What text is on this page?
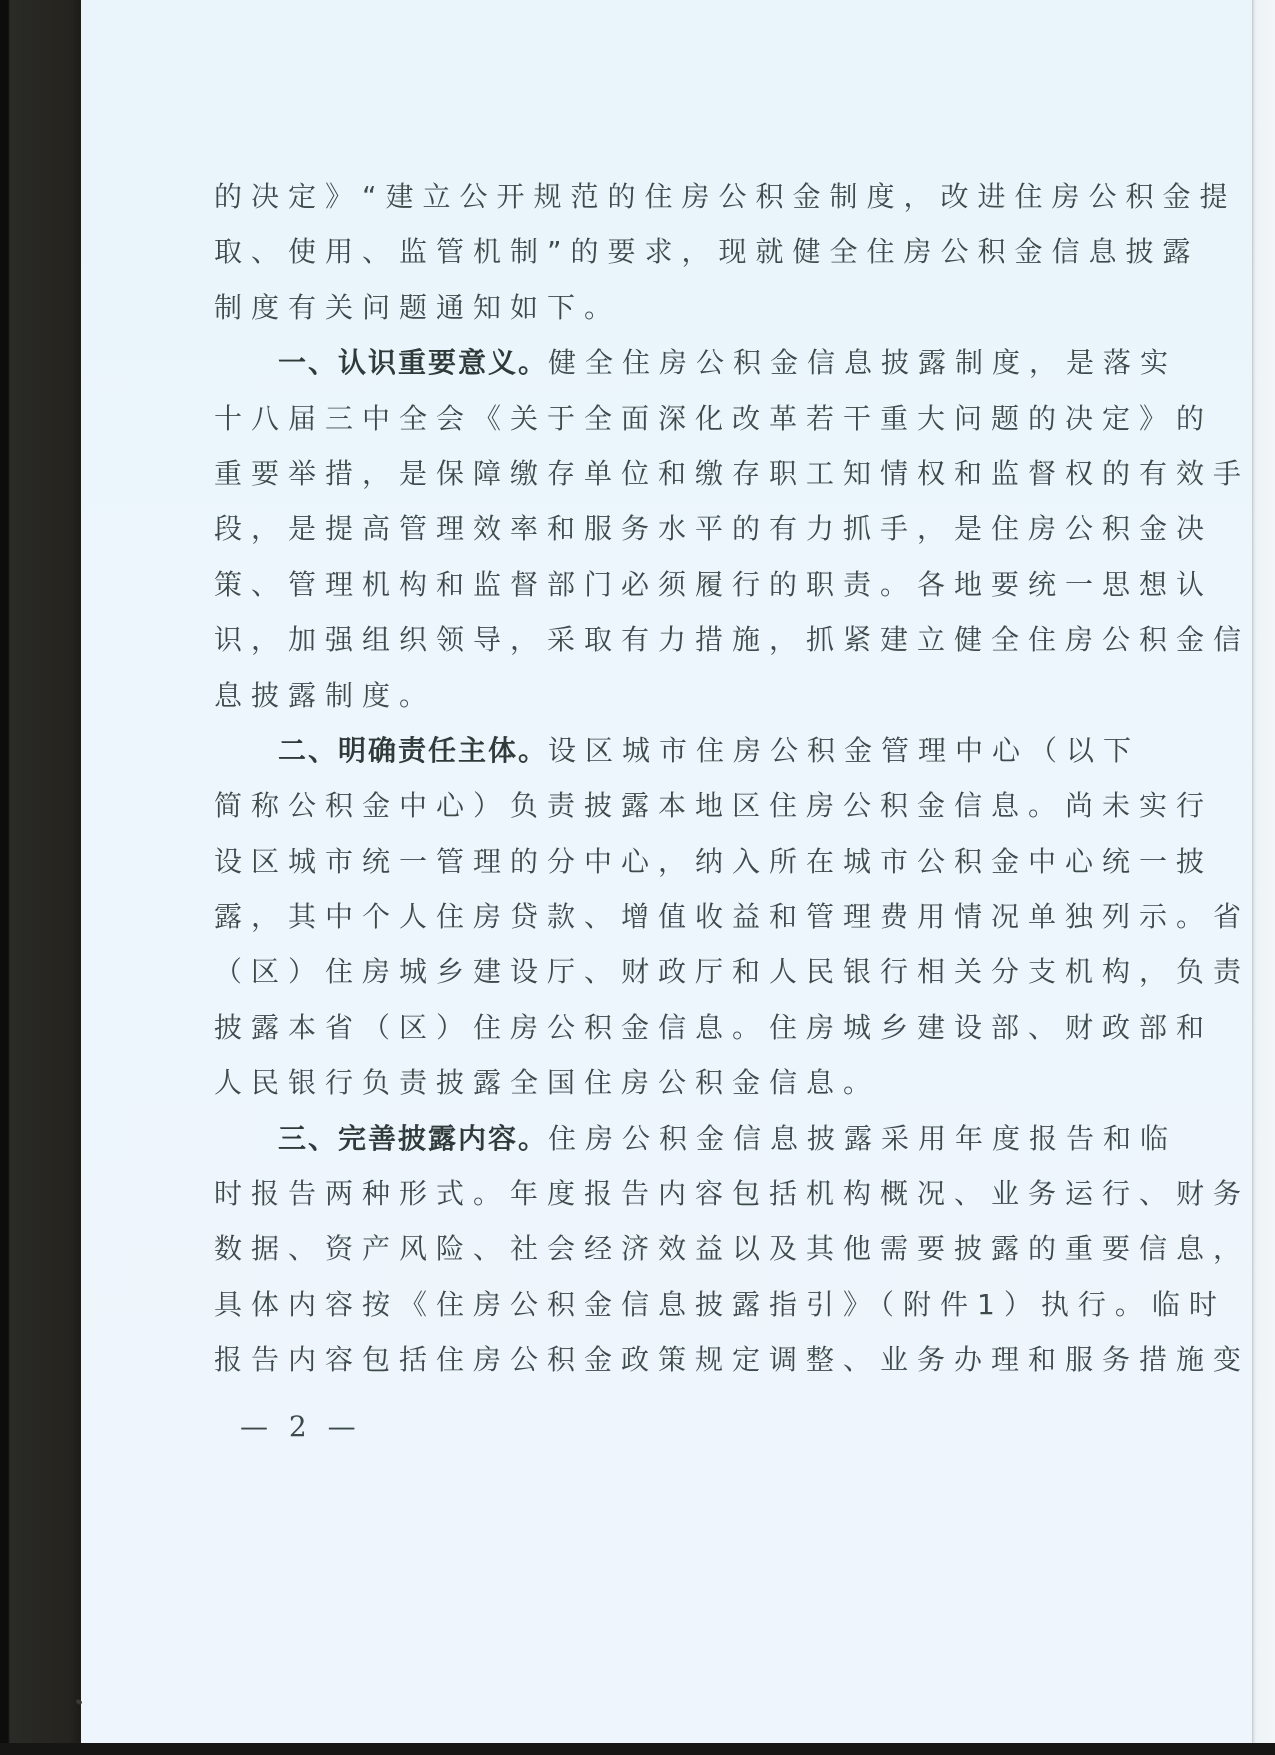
的决定》“建立公开规范的住房公积金制度，改进住房公积金提
取、使用、监管机制”的要求，现就健全住房公积金信息披露
制度有关问题通知如下。
一、认识重要意义。健全住房公积金信息披露制度，是落实
十八届三中全会《关于全面深化改革若干重大问题的决定》的
重要举措，是保障缴存单位和缴存职工知情权和监督权的有效手
段，是提高管理效率和服务水平的有力抓手，是住房公积金决
策、管理机构和监督部门必须履行的职责。各地要统一思想认
识，加强组织领导，采取有力措施，抓紧建立健全住房公积金信
息披露制度。
二、明确责任主体。设区城市住房公积金管理中心（以下
简称公积金中心）负责披露本地区住房公积金信息。尚未实行
设区城市统一管理的分中心，纳入所在城市公积金中心统一披
露，其中个人住房贷款、增值收益和管理费用情况单独列示。省
（区）住房城乡建设厅、财政厅和人民银行相关分支机构，负责
披露本省（区）住房公积金信息。住房城乡建设部、财政部和
人民银行负责披露全国住房公积金信息。
三、完善披露内容。住房公积金信息披露采用年度报告和临
时报告两种形式。年度报告内容包括机构概况、业务运行、财务
数据、资产风险、社会经济效益以及其他需要披露的重要信息，
具体内容按《住房公积金信息披露指引》（附件1）执行。临时
报告内容包括住房公积金政策规定调整、业务办理和服务措施变
— 2 —
